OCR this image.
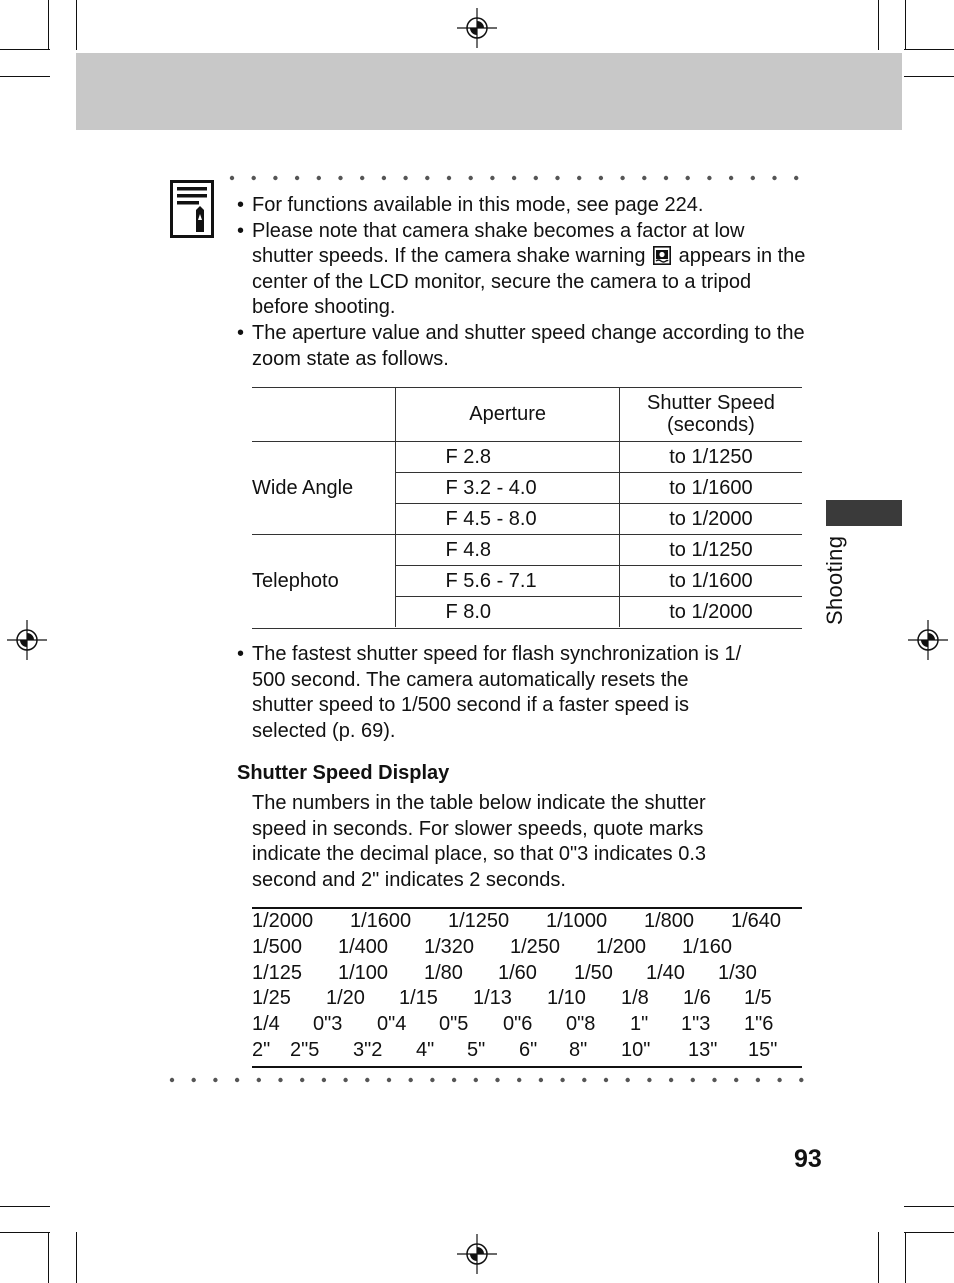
• For functions available in this mode, see page 224.
• Please note that camera shake becomes a factor at low shutter speeds. If the camera shake warning appears in the center of the LCD monitor, secure the camera to a tripod before shooting.
• The aperture value and shutter speed change according to the zoom state as follows.
	Aperture	Shutter Speed
(seconds)
Wide Angle	F 2.8	to 1/1250
	F 3.2 - 4.0	to 1/1600
	F 4.5 - 8.0	to 1/2000
Telephoto	F 4.8	to 1/1250
	F 5.6 - 7.1	to 1/1600
	F 8.0	to 1/2000
• The fastest shutter speed for flash synchronization is 1/
500 second. The camera automatically resets the
shutter speed to 1/500 second if a faster speed is
selected (p. 69).
Shutter Speed Display
The numbers in the table below indicate the shutter
speed in seconds. For slower speeds, quote marks
indicate the decimal place, so that 0"3 indicates 0.3
second and 2" indicates 2 seconds.
1/2000 1/1600 1/1250 1/1000 1/800 1/640
1/500 1/400 1/320 1/250 1/200 1/160
1/125 1/100 1/80 1/60 1/50 1/40 1/30
1/25 1/20 1/15 1/13 1/10 1/8 1/6 1/5
1/4 0"3 0"4 0"5 0"6 0"8 1" 1"3 1"6
2" 2"5 3"2 4" 5" 6" 8" 10" 13" 15"
Shooting
93
